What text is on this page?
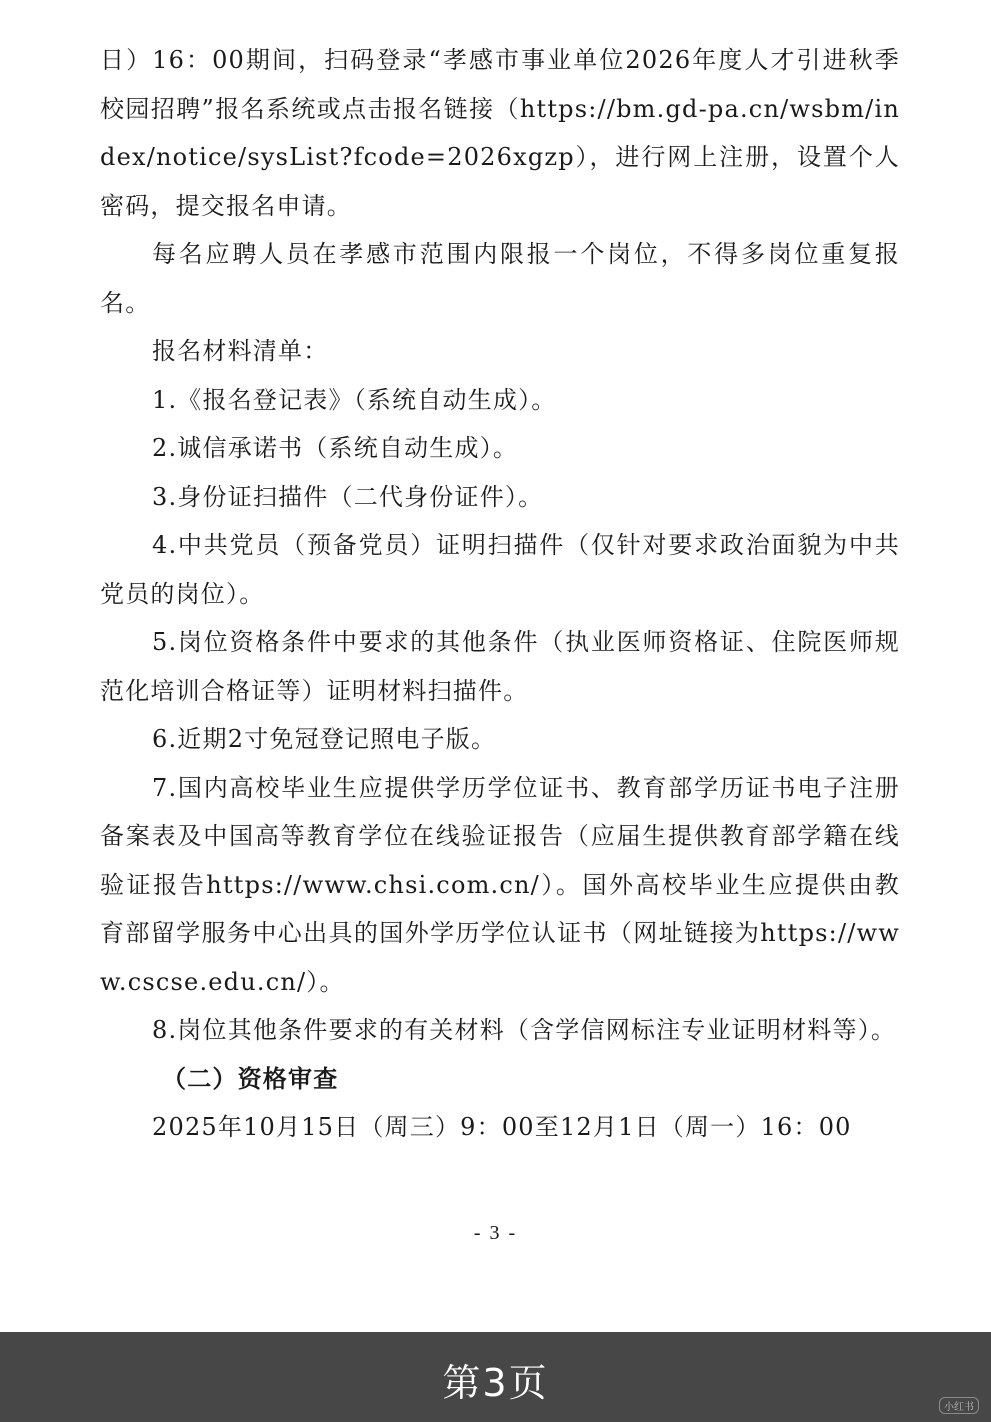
日）16：00期间，扫码登录“孝感市事业单位2026年度人才引进秋季校园招聘”报名系统或点击报名链接（https://bm.gd-pa.cn/wsbm/index/notice/sysList?fcode=2026xgzp），进行网上注册，设置个人密码，提交报名申请。

每名应聘人员在孝感市范围内限报一个岗位，不得多岗位重复报名。

报名材料清单：

1.《报名登记表》（系统自动生成）。

2.诚信承诺书（系统自动生成）。

3.身份证扫描件（二代身份证件）。

4.中共党员（预备党员）证明扫描件（仅针对要求政治面貌为中共党员的岗位）。

5.岗位资格条件中要求的其他条件（执业医师资格证、住院医师规范化培训合格证等）证明材料扫描件。

6.近期2寸免冠登记照电子版。

7.国内高校毕业生应提供学历学位证书、教育部学历证书电子注册备案表及中国高等教育学位在线验证报告（应届生提供教育部学籍在线验证报告https://www.chsi.com.cn/）。国外高校毕业生应提供由教育部留学服务中心出具的国外学历学位认证书（网址链接为https://www.cscse.edu.cn/）。

8.岗位其他条件要求的有关材料（含学信网标注专业证明材料等）。

（二）资格审查

2025年10月15日（周三）9：00至12月1日（周一）16：00

- 3 -
第3页
小红书
